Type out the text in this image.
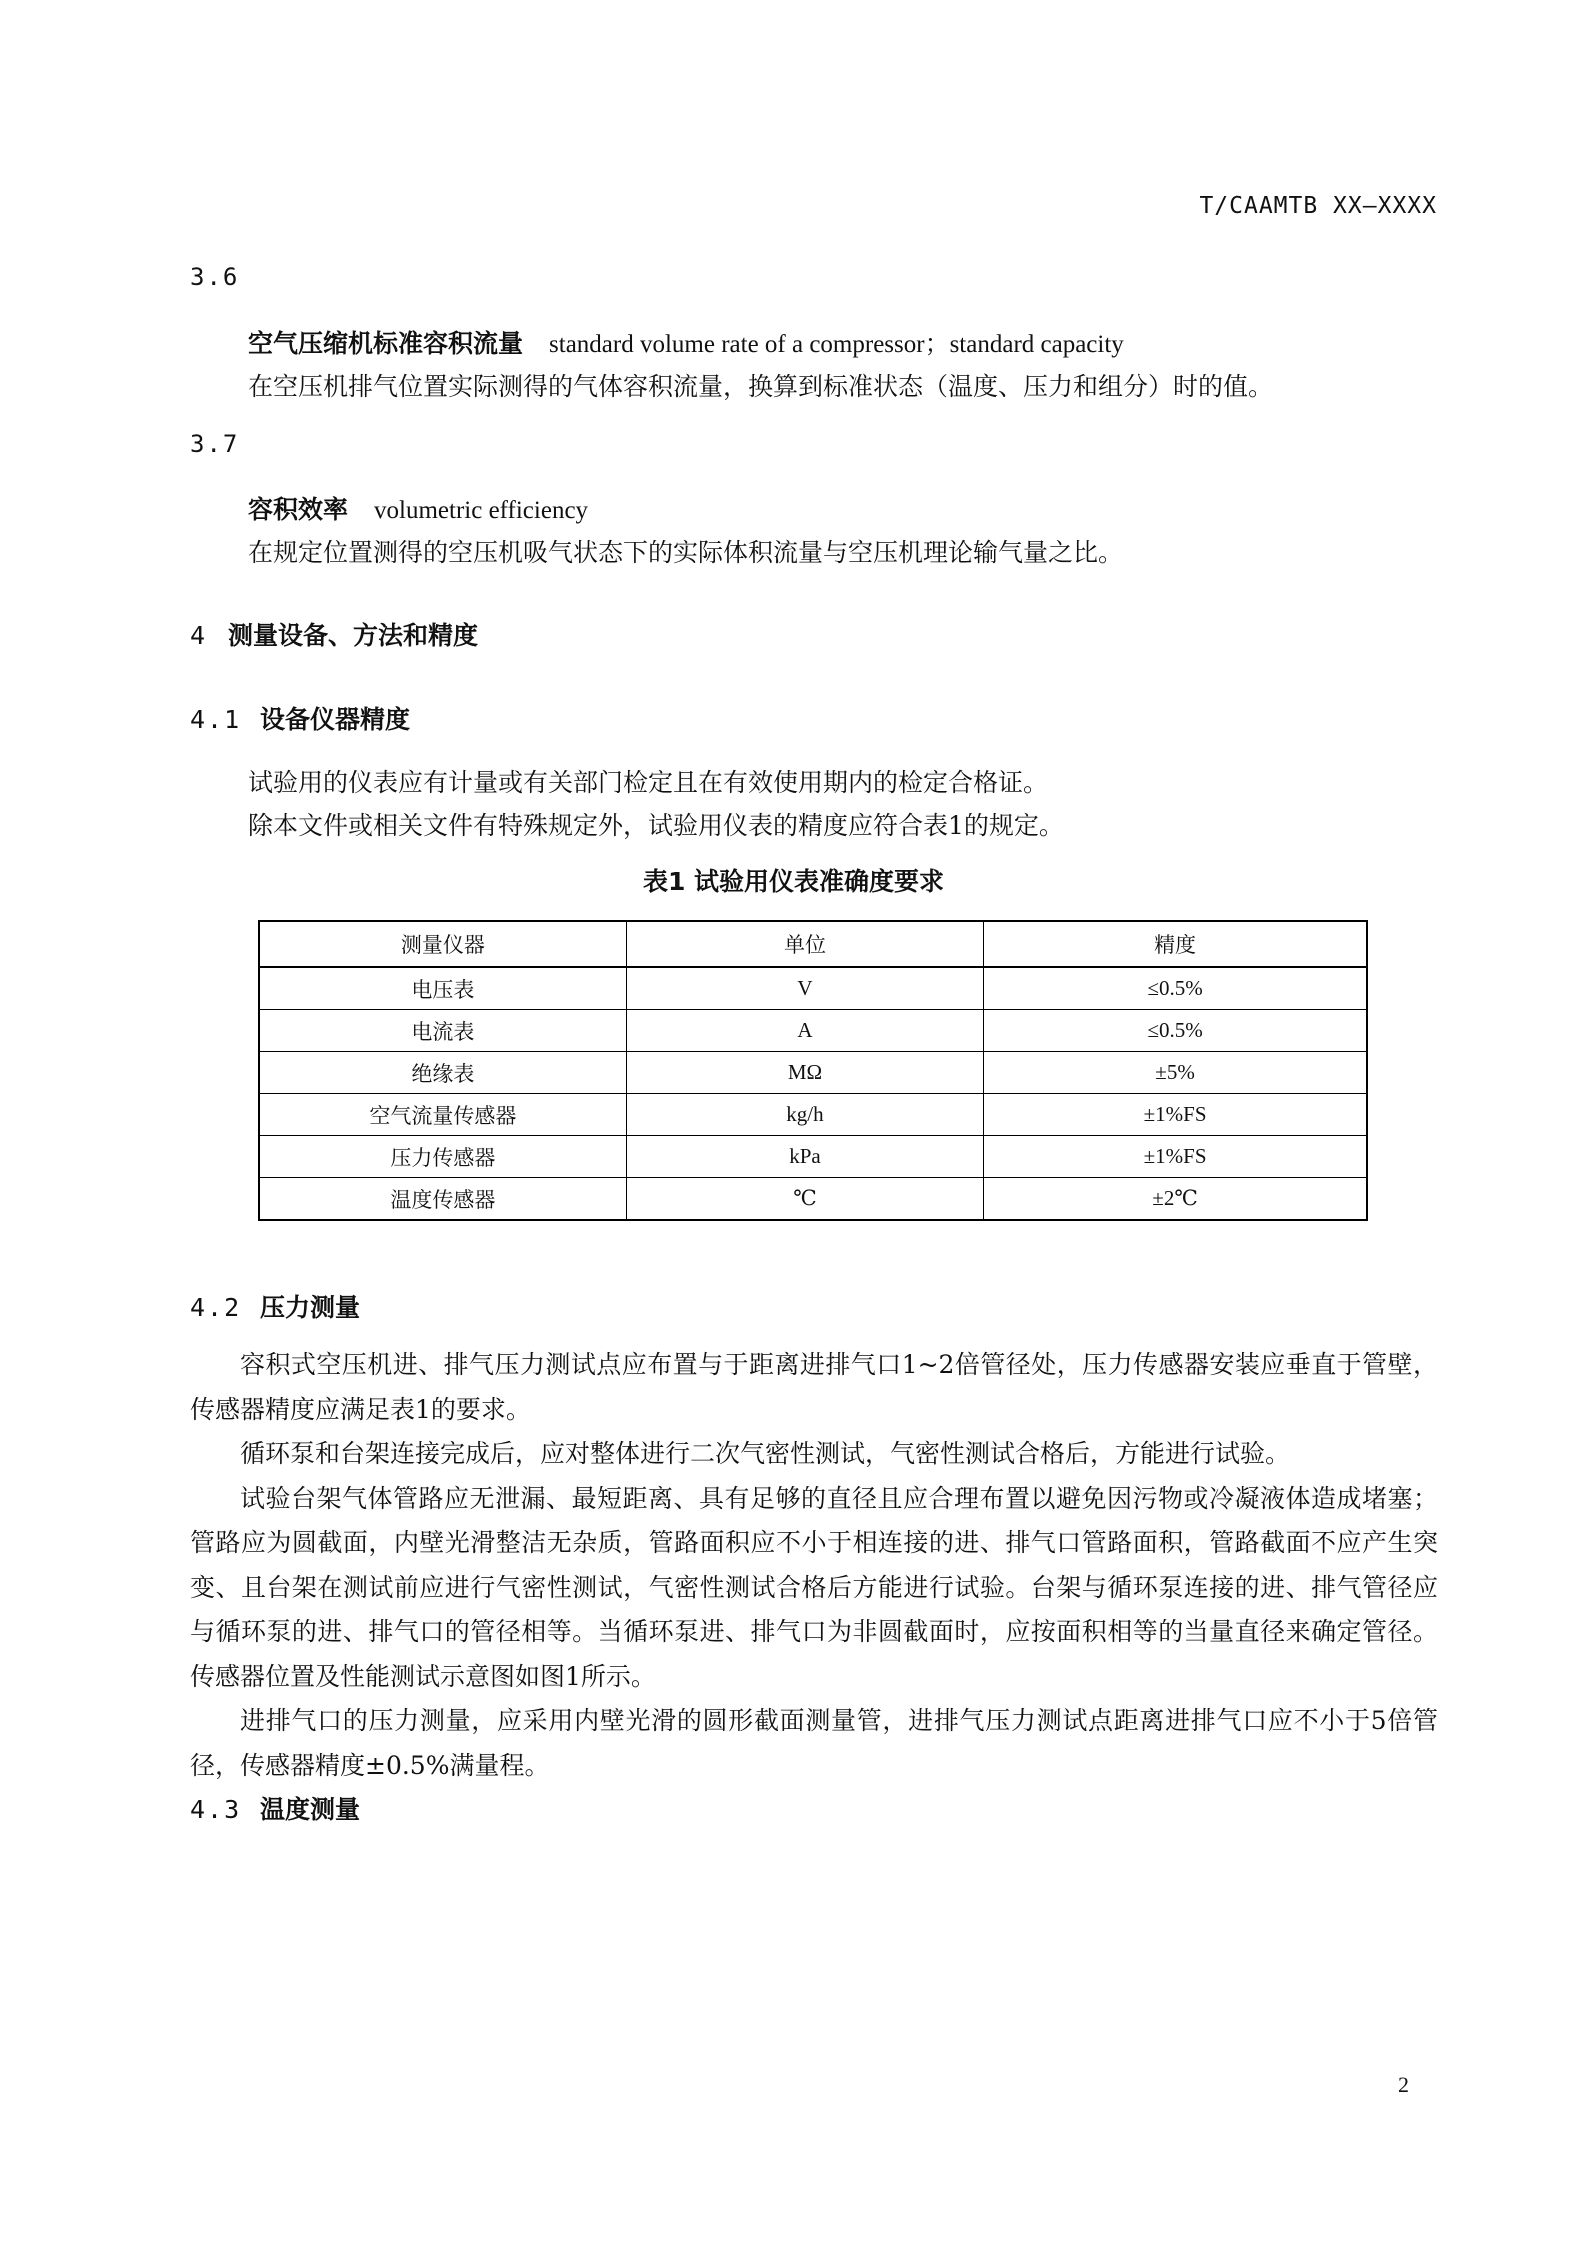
T/CAAMTB XX—XXXX
3.6
空气压缩机标准容积流量 standard volume rate of a compressor；standard capacity
在空压机排气位置实际测得的气体容积流量，换算到标准状态（温度、压力和组分）时的值。
3.7
容积效率 volumetric efficiency
在规定位置测得的空压机吸气状态下的实际体积流量与空压机理论输气量之比。
4 测量设备、方法和精度
4.1 设备仪器精度
试验用的仪表应有计量或有关部门检定且在有效使用期内的检定合格证。
除本文件或相关文件有特殊规定外，试验用仪表的精度应符合表1的规定。
表1 试验用仪表准确度要求
测量仪器	单位	精度
电压表	V	≤0.5%
电流表	A	≤0.5%
绝缘表	MΩ	±5%
空气流量传感器	kg/h	±1%FS
压力传感器	kPa	±1%FS
温度传感器	℃	±2℃
4.2 压力测量

容积式空压机进、排气压力测试点应布置与于距离进排气口1~2倍管径处，压力传感器安装应垂直于管壁，传感器精度应满足表1的要求。

循环泵和台架连接完成后，应对整体进行二次气密性测试，气密性测试合格后，方能进行试验。

试验台架气体管路应无泄漏、最短距离、具有足够的直径且应合理布置以避免因污物或冷凝液体造成堵塞；管路应为圆截面，内壁光滑整洁无杂质，管路面积应不小于相连接的进、排气口管路面积，管路截面不应产生突变、且台架在测试前应进行气密性测试，气密性测试合格后方能进行试验。台架与循环泵连接的进、排气管径应与循环泵的进、排气口的管径相等。当循环泵进、排气口为非圆截面时，应按面积相等的当量直径来确定管径。传感器位置及性能测试示意图如图1所示。

进排气口的压力测量，应采用内壁光滑的圆形截面测量管，进排气压力测试点距离进排气口应不小于5倍管径，传感器精度±0.5%满量程。

4.3 温度测量
2
